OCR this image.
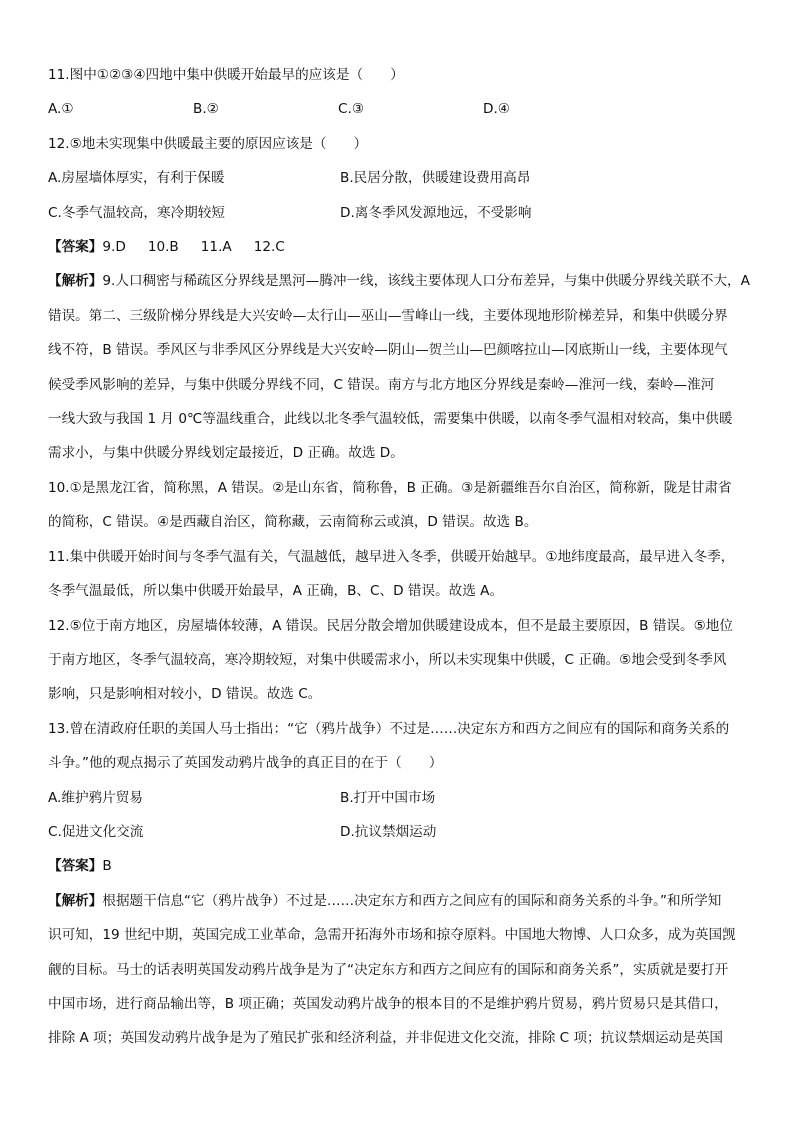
11.图中①②③④四地中集中供暖开始最早的应该是（　　）
A.①	B.②	C.③	D.④
12.⑤地未实现集中供暖最主要的原因应该是（　　）
A.房屋墙体厚实，有利于保暖	B.民居分散，供暖建设费用高昂
C.冬季气温较高，寒冷期较短	D.离冬季风发源地远，不受影响
【答案】9.D 10.B 11.A 12.C
【解析】9.人口稠密与稀疏区分界线是黑河—腾冲一线，该线主要体现人口分布差异，与集中供暖分界线关联不大，A
错误。第二、三级阶梯分界线是大兴安岭—太行山—巫山—雪峰山一线，主要体现地形阶梯差异，和集中供暖分界
线不符，B 错误。季风区与非季风区分界线是大兴安岭—阴山—贺兰山—巴颜喀拉山—冈底斯山一线，主要体现气
候受季风影响的差异，与集中供暖分界线不同，C 错误。南方与北方地区分界线是秦岭—淮河一线，秦岭—淮河
一线大致与我国 1 月 0℃等温线重合，此线以北冬季气温较低，需要集中供暖，以南冬季气温相对较高，集中供暖
需求小，与集中供暖分界线划定最接近，D 正确。故选 D。
10.①是黑龙江省，简称黑，A 错误。②是山东省，简称鲁，B 正确。③是新疆维吾尔自治区，简称新，陇是甘肃省
的简称，C 错误。④是西藏自治区，简称藏，云南简称云或滇，D 错误。故选 B。
11.集中供暖开始时间与冬季气温有关，气温越低，越早进入冬季，供暖开始越早。①地纬度最高，最早进入冬季，
冬季气温最低，所以集中供暖开始最早，A 正确，B、C、D 错误。故选 A。
12.⑤位于南方地区，房屋墙体较薄，A 错误。民居分散会增加供暖建设成本，但不是最主要原因，B 错误。⑤地位
于南方地区，冬季气温较高，寒冷期较短，对集中供暖需求小，所以未实现集中供暖，C 正确。⑤地会受到冬季风
影响，只是影响相对较小，D 错误。故选 C。
13.曾在清政府任职的美国人马士指出：“它（鸦片战争）不过是……决定东方和西方之间应有的国际和商务关系的
斗争。”他的观点揭示了英国发动鸦片战争的真正目的在于（　　）
A.维护鸦片贸易	B.打开中国市场
C.促进文化交流	D.抗议禁烟运动
【答案】B
【解析】根据题干信息“它（鸦片战争）不过是……决定东方和西方之间应有的国际和商务关系的斗争。”和所学知
识可知，19 世纪中期，英国完成工业革命，急需开拓海外市场和掠夺原料。中国地大物博、人口众多，成为英国觊
觎的目标。马士的话表明英国发动鸦片战争是为了“决定东方和西方之间应有的国际和商务关系”，实质就是要打开
中国市场，进行商品输出等，B 项正确；英国发动鸦片战争的根本目的不是维护鸦片贸易，鸦片贸易只是其借口，
排除 A 项；英国发动鸦片战争是为了殖民扩张和经济利益，并非促进文化交流，排除 C 项；抗议禁烟运动是英国
